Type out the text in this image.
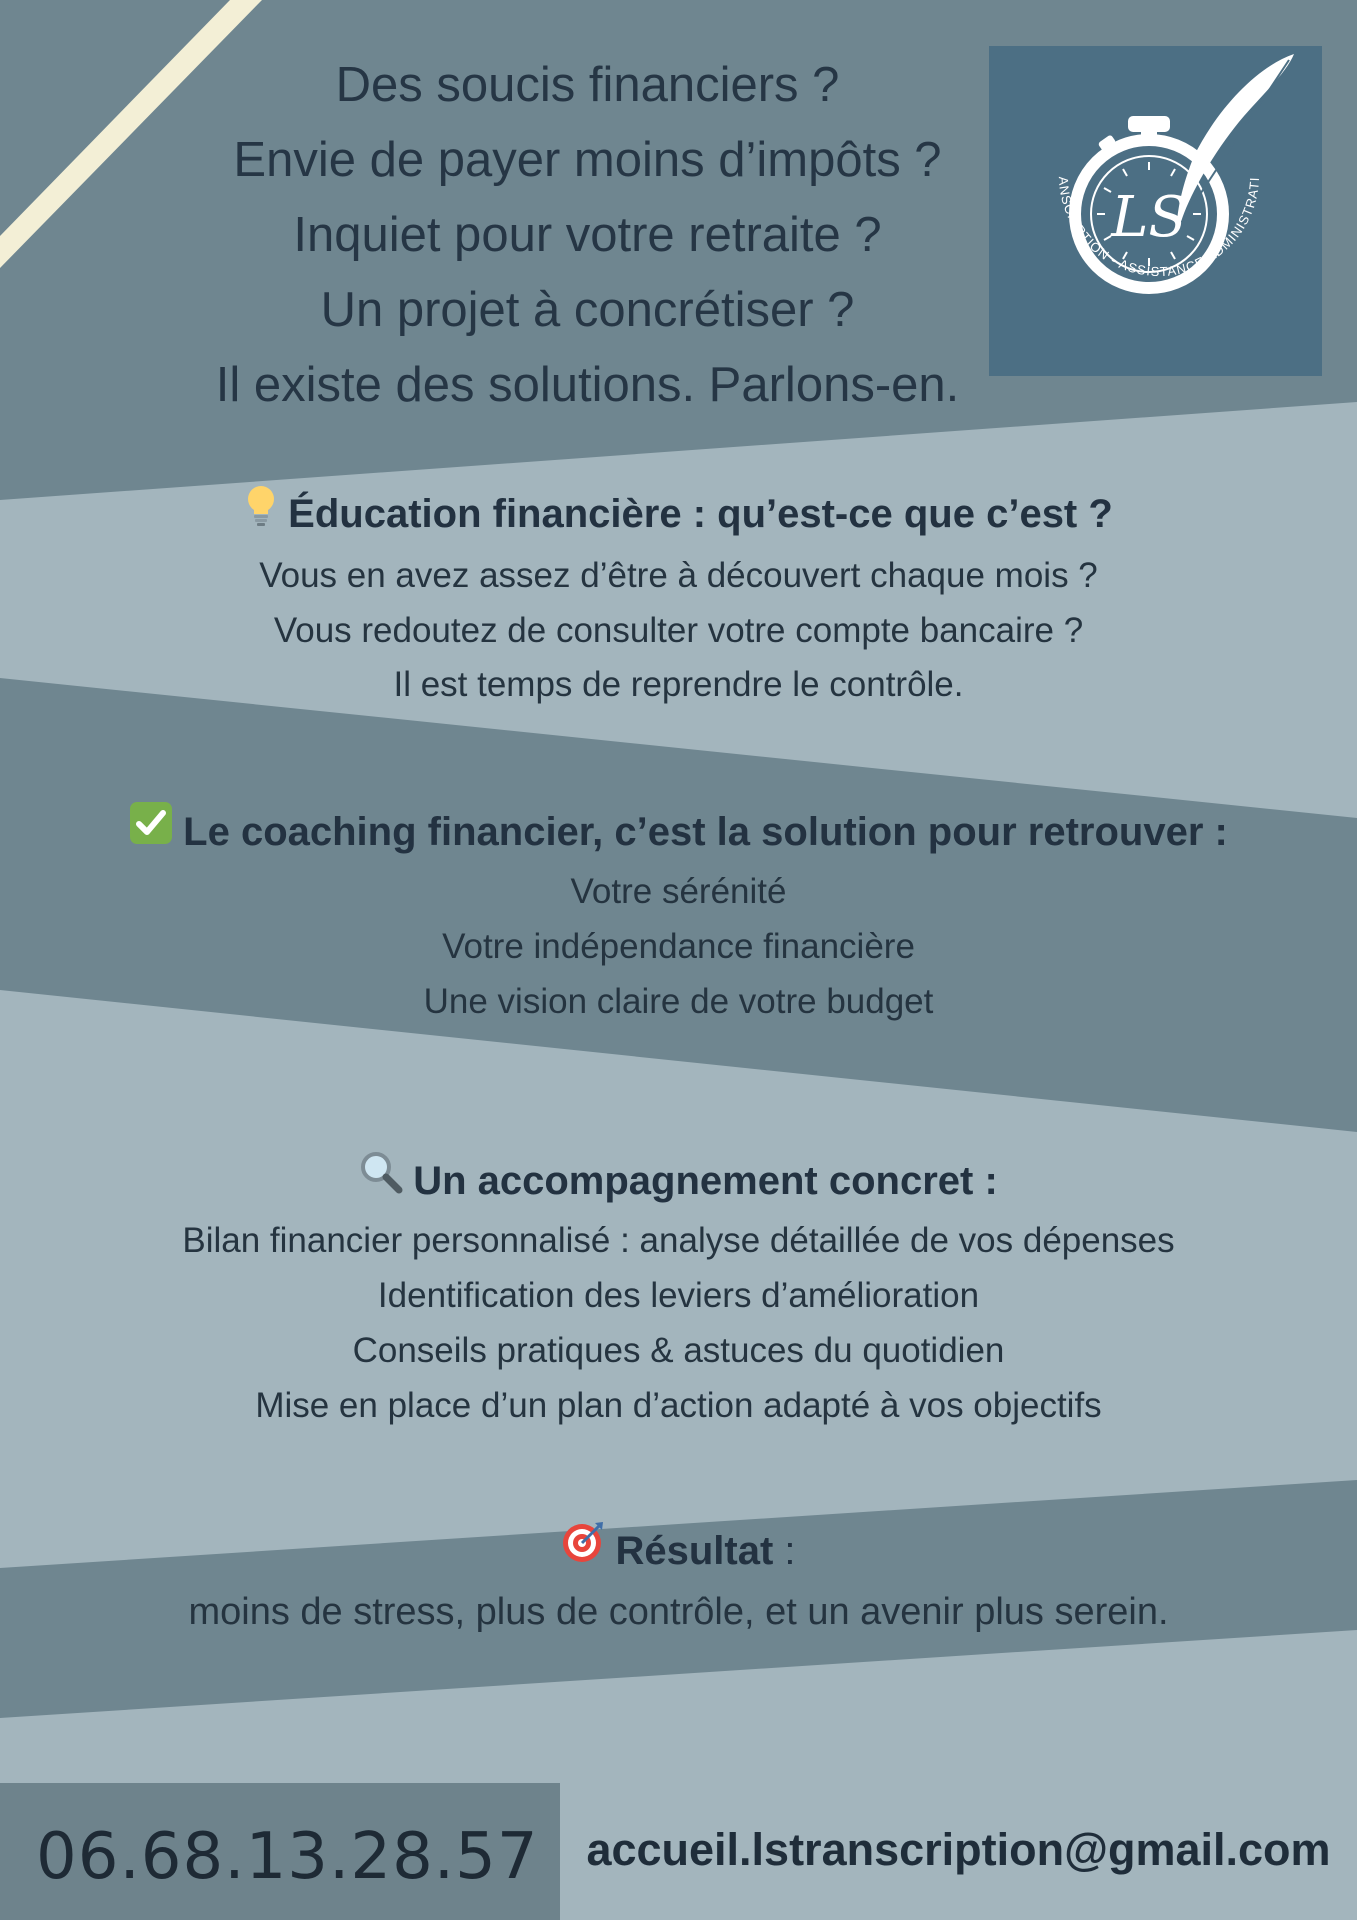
Des soucis financiers ?
Envie de payer moins d’impôts ?
Inquiet pour votre retraite ?
Un projet à concrétiser ?
Il existe des solutions. Parlons-en.
LS
ANSCRIPTION - ASSISTANCE ADMINISTRATI
Éducation financière : qu’est-ce que c’est ?
Vous en avez assez d’être à découvert chaque mois ?
Vous redoutez de consulter votre compte bancaire ?
Il est temps de reprendre le contrôle.
Le coaching financier, c’est la solution pour retrouver :
Votre sérénité
Votre indépendance financière
Une vision claire de votre budget
Un accompagnement concret :
Bilan financier personnalisé : analyse détaillée de vos dépenses
Identification des leviers d’amélioration
Conseils pratiques & astuces du quotidien
Mise en place d’un plan d’action adapté à vos objectifs
Résultat :
moins de stress, plus de contrôle, et un avenir plus serein.
06.68.13.28.57	accueil.lstranscription@gmail.com
